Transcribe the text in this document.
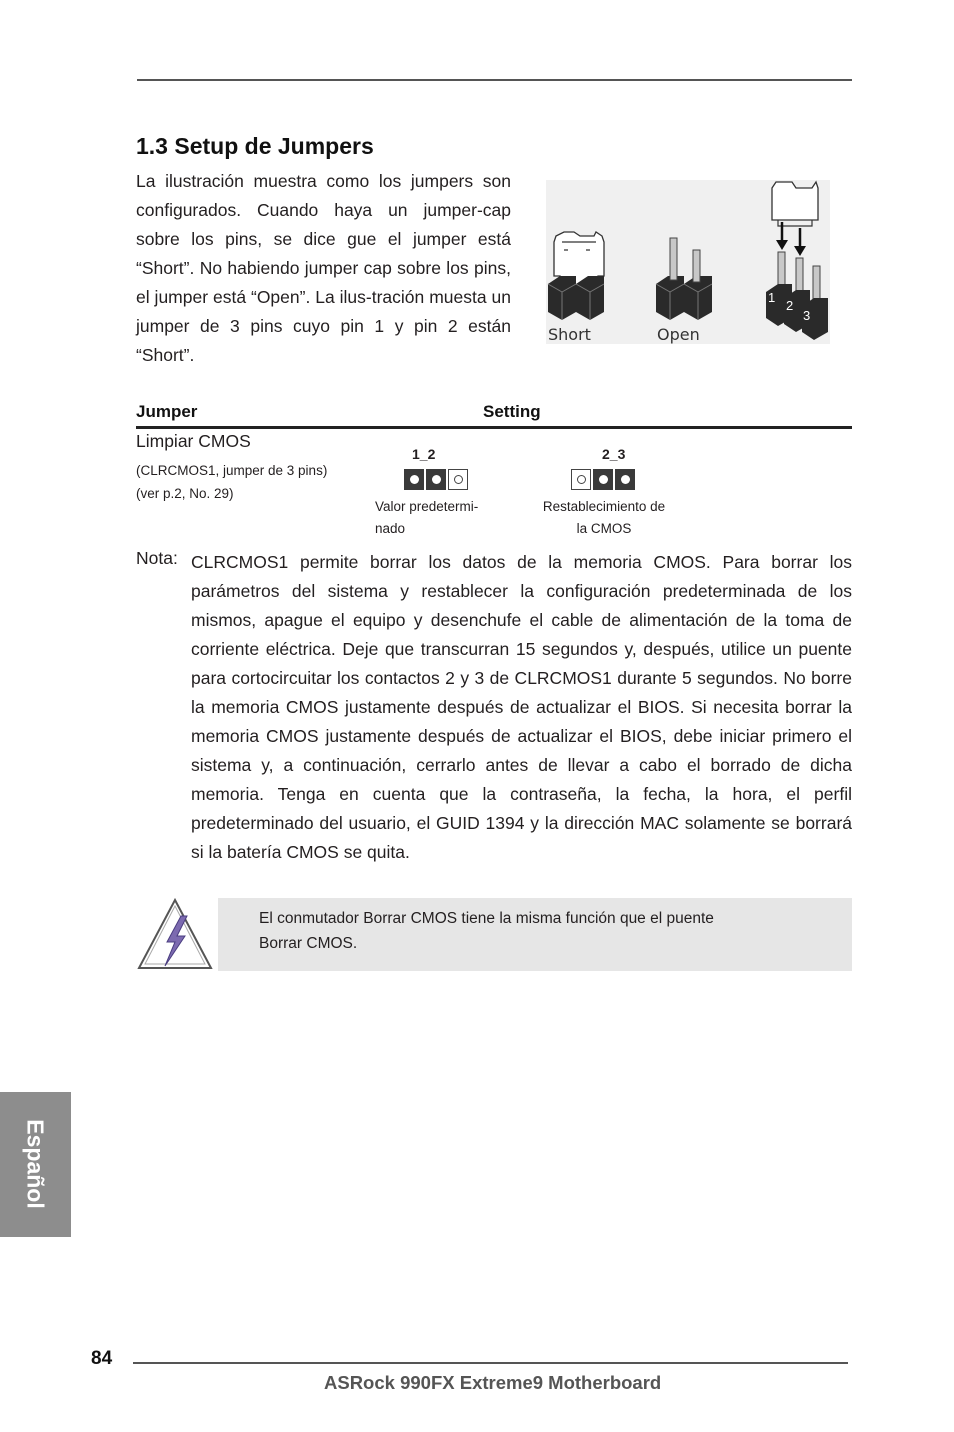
1.3 Setup de Jumpers
La ilustración muestra como los jumpers son configurados. Cuando haya un jumper-cap sobre los pins, se dice gue el jumper está “Short”. No habiendo jumper cap sobre los pins, el jumper está “Open”. La ilus-tración muesta un jumper de 3 pins cuyo pin 1 y pin 2 están “Short”.
1
2
3
Short	Open
Jumper	Setting
Limpiar CMOS
(CLRCMOS1, jumper de 3 pins)
(ver p.2, No. 29)
1_2
Valor predetermi-
nado
2_3
Restablecimiento de
la CMOS
Nota: CLRCMOS1 permite borrar los datos de la memoria CMOS. Para borrar los
parámetros del sistema y restablecer la configuración predeterminada de los mismos, apague el equipo y desenchufe el cable de alimentación de la toma de corriente eléctrica. Deje que transcurran 15 segundos y, después, utilice un puente para cortocircuitar los contactos 2 y 3 de CLRCMOS1 durante 5 segundos. No borre la memoria CMOS justamente después de actualizar el BIOS. Si necesita borrar la memoria CMOS justamente después de actualizar el BIOS, debe iniciar primero el sistema y, a continuación, cerrarlo antes de llevar a cabo el borrado de dicha memoria. Tenga en cuenta que la contraseña, la fecha, la hora, el perfil predeterminado del usuario, el GUID 1394 y la dirección MAC solamente se borrará si la batería CMOS se quita.
El conmutador Borrar CMOS tiene la misma función que el puente
Borrar CMOS.
Español
84
ASRock 990FX Extreme9 Motherboard
